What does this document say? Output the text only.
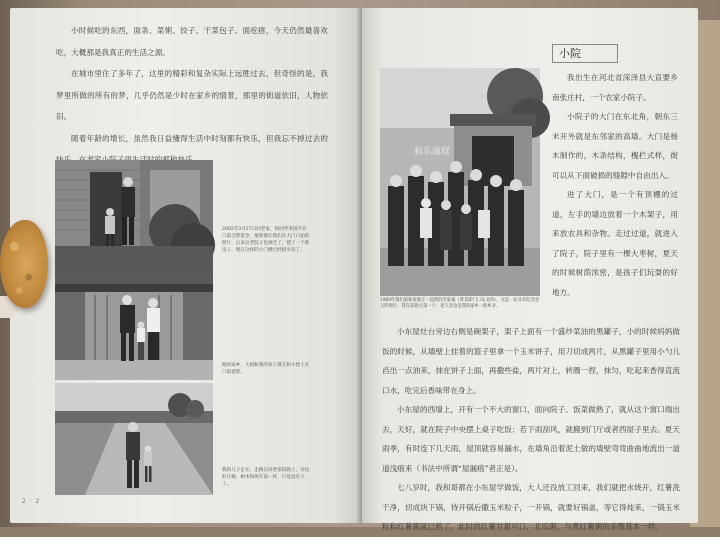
小时候吃的东西，面条、菜粥、饺子、干菜包子、面疙瘩，今天仍然最喜欢吃，大概那是我真正的生活之源。

在城市里住了多年了，这里的精彩和复杂实际上远胜过去，但奇怪的是，我梦里所做的所有的梦，几乎仍然是少时在家乡的情景，那里的街道依旧，人物依旧。

随着年龄的增长，虽然我日益懂得生活中时刻都有快乐，但我忘不掉过去的

2002年3月27日回老家，和同学李国平在门前合影留念，他舅舅让我们在大门口拍的照片，后来这老院子也拆迁了，建了一个新房子，现在这样的小门楼已经很少见了。
刚回家乡，大妈和我的孩子都儿和小侄子在门前留影。
我和儿子走在，走路在回老家的路上，旁边的庄稼、树木和两年前一样，只是没有人了。
2 · 2
小院
和乐遠庭
1960年我们家和南张庄一起照的全家福（背景即门口东北角），这是一张具有纪念意义的照片，我在前排左第一个，老人旁边是我的家乡一般乡亲。

我出生在河北省深泽县大直要乡南张庄村，一个农家小院子。

小院子的大门在东北角，朝东三米开外就是东邻家的高墙。大门是杨木制作的，木条结构，槐栏式样，街可以从下面破损的缝隙中自由出入。

进了大门，是一个有顶棚的过道，左手的墙边放着一个木架子，用来放农具和杂物。走过过道，就进入了院子，院子里有一棵大枣树，夏天的时候树荫浓密，是孩子们玩耍的好地方。

小东屋灶台旁边右侧是碗架子，架子上面有一个盛炒菜油的黑罐子，小的时候妈妈做饭的时候，从墙壁上挂着的篮子里拿一个玉米饼子，用刀切成两片，从黑罐子里用小勺儿舀出一点油来，抹在饼子上面，再撒些盐，两片对上，转圈一捏，抹匀，吃起来香得直流口水，吃完后香味带在身上。

小东屋的西墙上，开有一个不大的窗口，面向院子。饭菜做熟了，就从这个窗口端出去，天好，就在院子中央摆上桌子吃饭；若下雨刮风，就搬到门厅或者西屋子里去。夏天雨季，有时连下几天雨，屋顶就容易漏水，在墙角沿着泥土做的墙壁弯弯曲曲地流出一道道浅痕来（书法中所谓“屋漏痕”者正是）。

七八岁时，我和哥都在小东屋学做饭，大人还没放工回来，我们就把水烧开，红薯洗干净，切成块下锅，待开锅后撒玉米粒子，一开锅，就要好锅盖，等它得炖来，一锅玉米粒和红薯粥就已熟了，此时的红薯甘甜可口，北瓜粥，与煮红薯粥的多微基本一样。
